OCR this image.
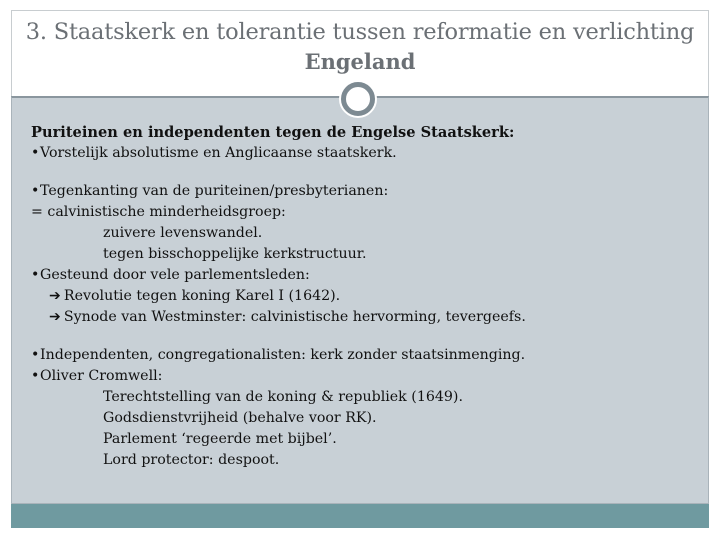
3. Staatskerk en tolerantie tussen reformatie en verlichting
Engeland
Puriteinen en independenten tegen de Engelse Staatskerk:
•Vorstelijk absolutisme en Anglicaanse staatskerk.
•Tegenkanting van de puriteinen/presbyterianen:
= calvinistische minderheidsgroep:
zuivere levenswandel.
tegen bisschoppelijke kerkstructuur.
•Gesteund door vele parlementsleden:
➔ Revolutie tegen koning Karel I (1642).
➔ Synode van Westminster: calvinistische hervorming, tevergeefs.
•Independenten, congregationalisten: kerk zonder staatsinmenging.
•Oliver Cromwell:
Terechtstelling van de koning & republiek (1649).
Godsdienstvrijheid (behalve voor RK).
Parlement ‘regeerde met bijbel’.
Lord protector: despoot.
